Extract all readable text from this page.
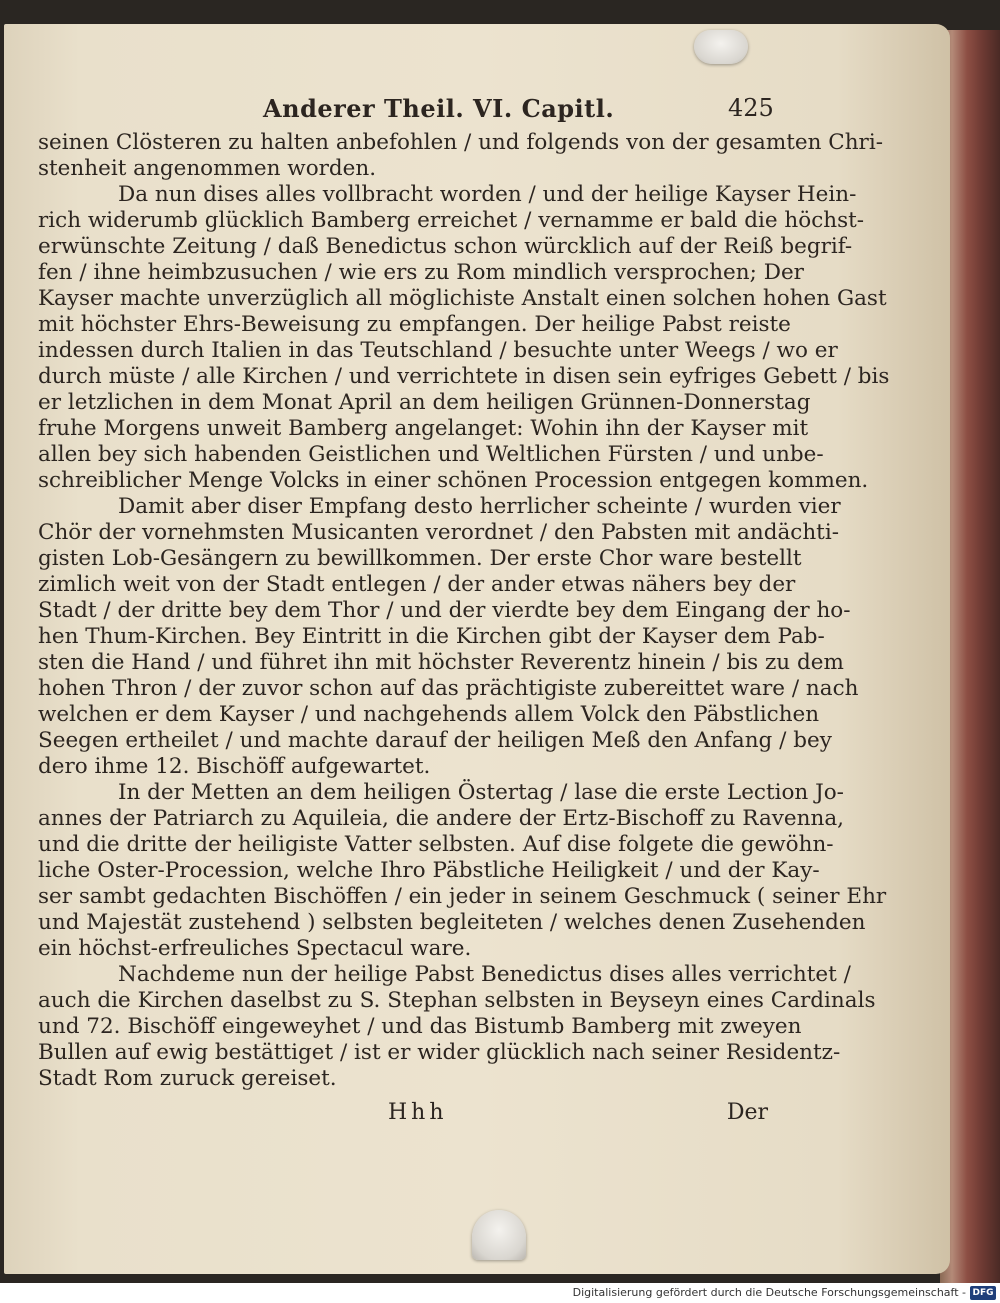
Anderer Theil. VI. Capitl.	425
seinen Clösteren zu halten anbefohlen / und folgends von der gesamten Chri-
stenheit angenommen worden.
Da nun dises alles vollbracht worden / und der heilige Kayser Hein-
rich widerumb glücklich Bamberg erreichet / vernamme er bald die höchst-
erwünschte Zeitung / daß Benedictus schon würcklich auf der Reiß begrif-
fen / ihne heimbzusuchen / wie ers zu Rom mindlich versprochen; Der
Kayser machte unverzüglich all möglichiste Anstalt einen solchen hohen Gast
mit höchster Ehrs-Beweisung zu empfangen. Der heilige Pabst reiste
indessen durch Italien in das Teutschland / besuchte unter Weegs / wo er
durch müste / alle Kirchen / und verrichtete in disen sein eyfriges Gebett / bis
er letzlichen in dem Monat April an dem heiligen Grünnen-Donnerstag
fruhe Morgens unweit Bamberg angelanget: Wohin ihn der Kayser mit
allen bey sich habenden Geistlichen und Weltlichen Fürsten / und unbe-
schreiblicher Menge Volcks in einer schönen Procession entgegen kommen.
Damit aber diser Empfang desto herrlicher scheinte / wurden vier
Chör der vornehmsten Musicanten verordnet / den Pabsten mit andächti-
gisten Lob-Gesängern zu bewillkommen. Der erste Chor ware bestellt
zimlich weit von der Stadt entlegen / der ander etwas nähers bey der
Stadt / der dritte bey dem Thor / und der vierdte bey dem Eingang der ho-
hen Thum-Kirchen. Bey Eintritt in die Kirchen gibt der Kayser dem Pab-
sten die Hand / und führet ihn mit höchster Reverentz hinein / bis zu dem
hohen Thron / der zuvor schon auf das prächtigiste zubereittet ware / nach
welchen er dem Kayser / und nachgehends allem Volck den Päbstlichen
Seegen ertheilet / und machte darauf der heiligen Meß den Anfang / bey
dero ihme 12. Bischöff aufgewartet.
In der Metten an dem heiligen Östertag / lase die erste Lection Jo-
annes der Patriarch zu Aquileia, die andere der Ertz-Bischoff zu Ravenna,
und die dritte der heiligiste Vatter selbsten. Auf dise folgete die gewöhn-
liche Oster-Procession, welche Ihro Päbstliche Heiligkeit / und der Kay-
ser sambt gedachten Bischöffen / ein jeder in seinem Geschmuck ( seiner Ehr
und Majestät zustehend ) selbsten begleiteten / welches denen Zusehenden
ein höchst-erfreuliches Spectacul ware.
Nachdeme nun der heilige Pabst Benedictus dises alles verrichtet /
auch die Kirchen daselbst zu S. Stephan selbsten in Beyseyn eines Cardinals
und 72. Bischöff eingeweyhet / und das Bistumb Bamberg mit zweyen
Bullen auf ewig bestättiget / ist er wider glücklich nach seiner Residentz-
Stadt Rom zuruck gereiset.
Hhh	Der
Digitalisierung gefördert durch die Deutsche Forschungsgemeinschaft - DFG
